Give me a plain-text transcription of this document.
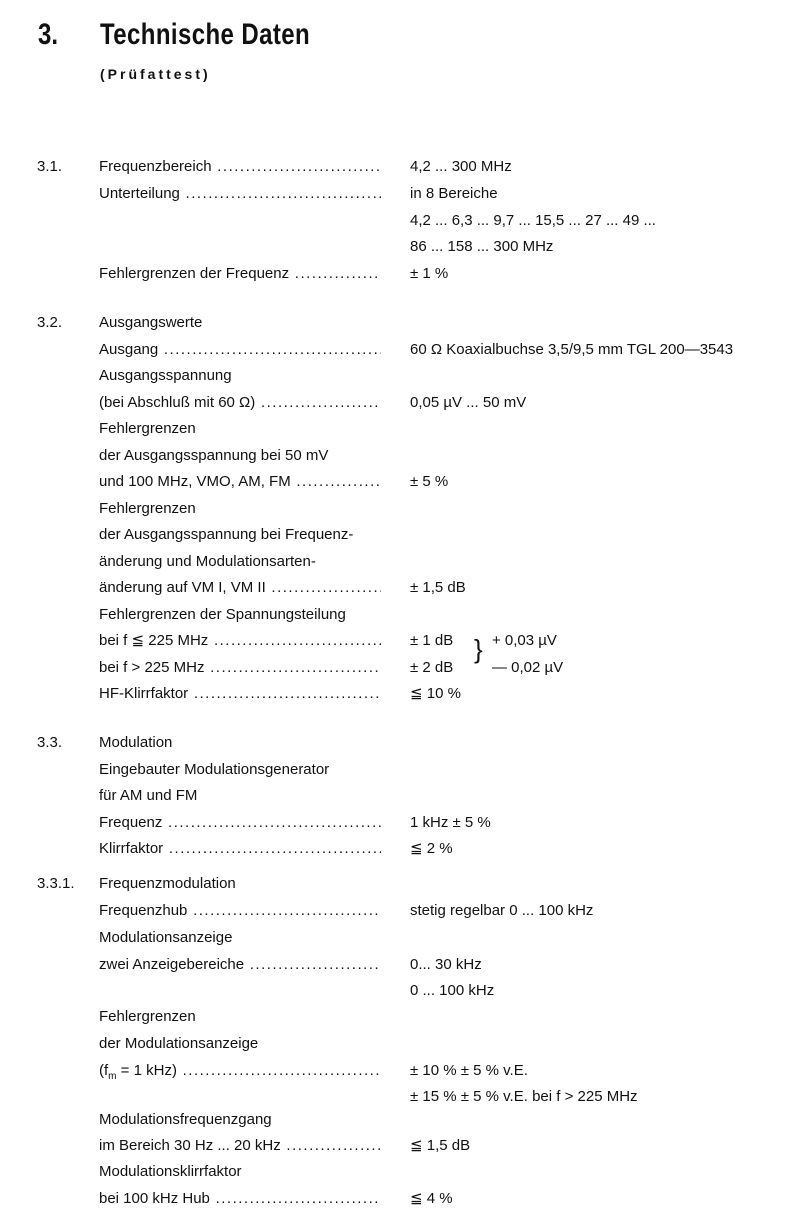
3. Technische Daten
(Prüfattest)
3.1. Frequenzbereich .....	4,2 ... 300 MHz
Unterteilung .....	in 8 Bereiche
4,2 ... 6,3 ... 9,7 ... 15,5 ... 27 ... 49 ...
86 ... 158 ... 300 MHz
Fehlergrenzen der Frequenz .....	± 1 %
3.2. Ausgangswerte
Ausgang .....	60 Ω Koaxialbuchse 3,5/9,5 mm TGL 200—3543
Ausgangsspannung
(bei Abschluß mit 60 Ω) .....	0,05 µV ... 50 mV
Fehlergrenzen
der Ausgangsspannung bei 50 mV
und 100 MHz, VMO, AM, FM .....	± 5 %
Fehlergrenzen
der Ausgangsspannung bei Frequenz-
änderung und Modulationsarten-
änderung auf VM I, VM II .....	± 1,5 dB
Fehlergrenzen der Spannungsteilung
bei f ≦ 225 MHz .....	± 1 dB
bei f > 225 MHz .....	± 2 dB
} + 0,03 µV
— 0,02 µV
HF-Klirrfaktor .....	≦ 10 %
3.3. Modulation
Eingebauter Modulationsgenerator
für AM und FM
Frequenz .....	1 kHz ± 5 %
Klirrfaktor .....	≦ 2 %
3.3.1. Frequenzmodulation
Frequenzhub .....	stetig regelbar 0 ... 100 kHz
Modulationsanzeige
zwei Anzeigebereiche .....	0... 30 kHz
0 ... 100 kHz
Fehlergrenzen
der Modulationsanzeige
($f_m = 1$ kHz) .....	± 10 % ± 5 % v.E.
± 15 % ± 5 % v.E. bei f > 225 MHz
Modulationsfrequenzgang
im Bereich 30 Hz ... 20 kHz .....	≦ 1,5 dB
Modulationsklirrfaktor
bei 100 kHz Hub .....	≦ 4 %
